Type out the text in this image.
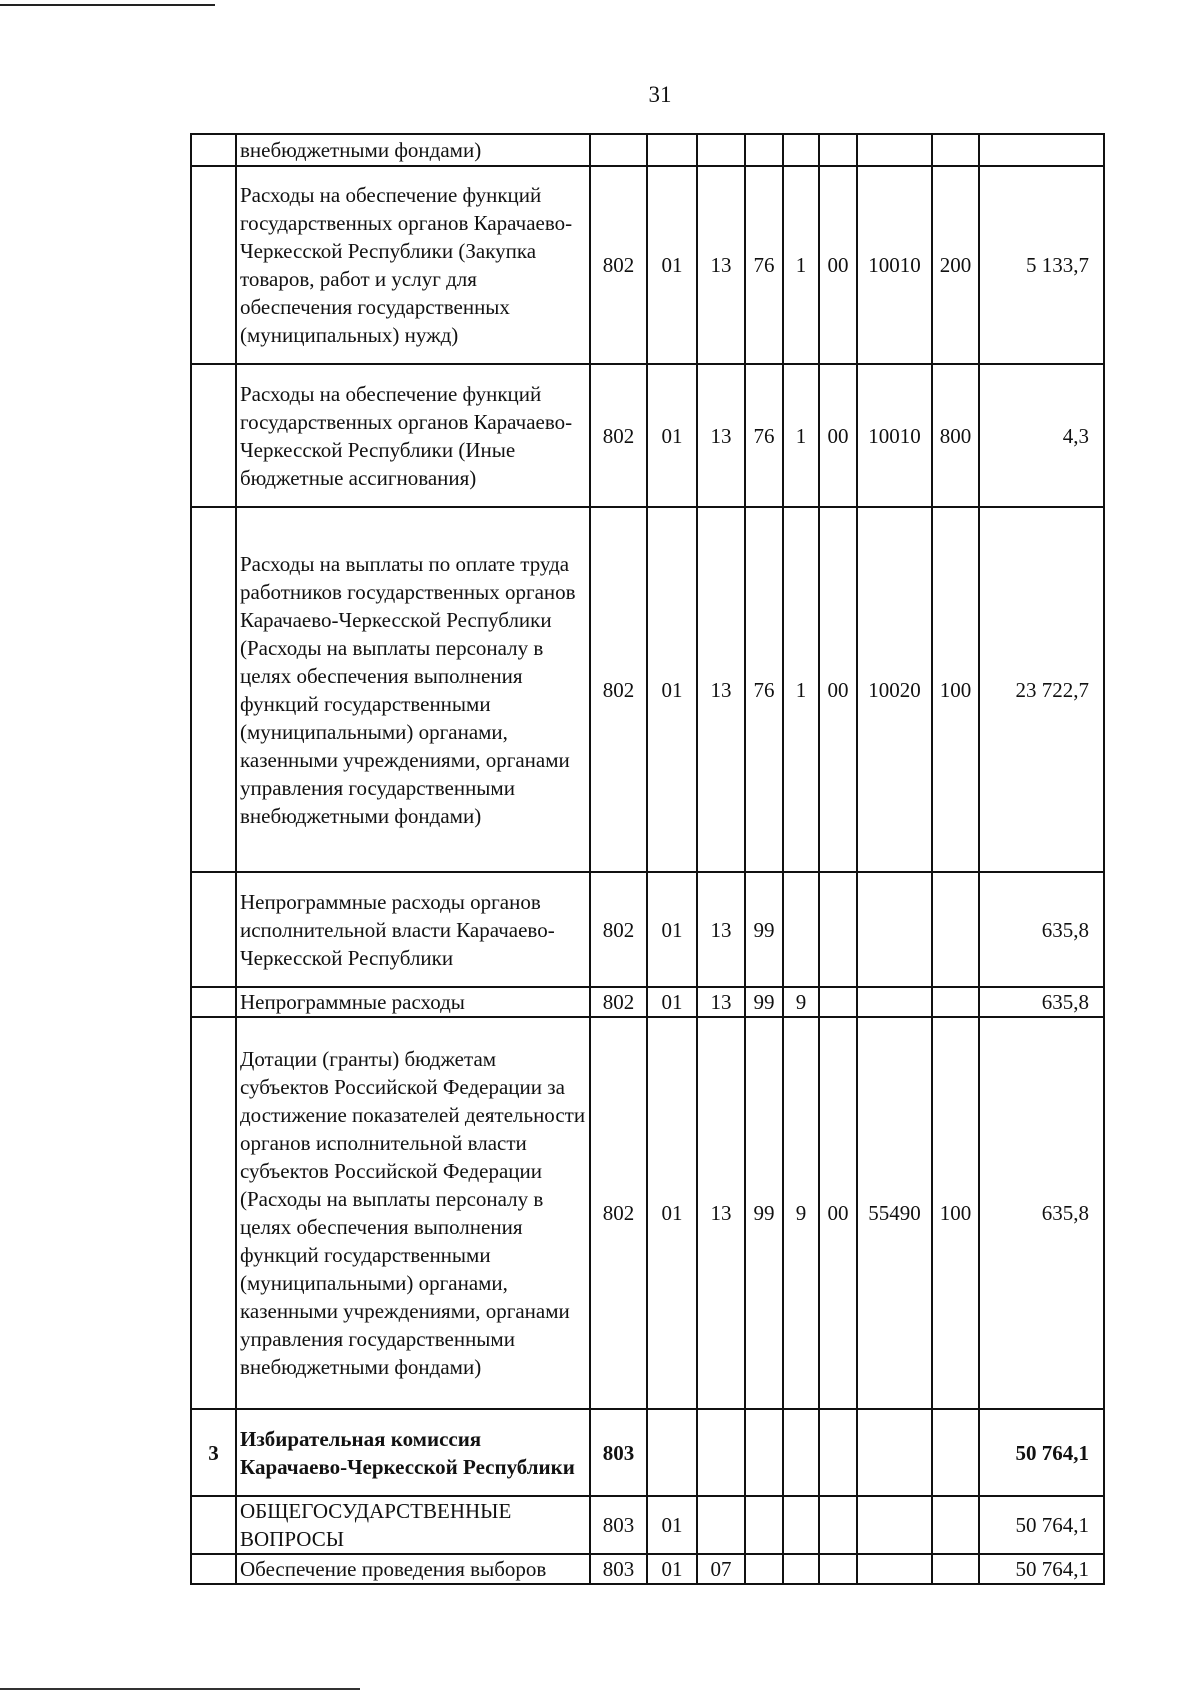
31
	внебюджетными фондами)									
	Расходы на обеспечение функций государственных органов Карачаево-Черкесской Республики (Закупка товаров, работ и услуг для обеспечения государственных (муниципальных) нужд)	802	01	13	76	1	00	10010	200	5 133,7
	Расходы на обеспечение функций государственных органов Карачаево-Черкесской Республики (Иные бюджетные ассигнования)	802	01	13	76	1	00	10010	800	4,3
	Расходы на выплаты по оплате труда работников государственных органов Карачаево-Черкесской Республики (Расходы на выплаты персоналу в целях обеспечения выполнения функций государственными (муниципальными) органами, казенными учреждениями, органами управления государственными внебюджетными фондами)	802	01	13	76	1	00	10020	100	23 722,7
	Непрограммные расходы органов исполнительной власти Карачаево-Черкесской Республики	802	01	13	99					635,8
	Непрограммные расходы	802	01	13	99	9				635,8
	Дотации (гранты) бюджетам субъектов Российской Федерации за достижение показателей деятельности органов исполнительной власти субъектов Российской Федерации (Расходы на выплаты персоналу в целях обеспечения выполнения функций государственными (муниципальными) органами, казенными учреждениями, органами управления государственными внебюджетными фондами)	802	01	13	99	9	00	55490	100	635,8
3	Избирательная комиссия Карачаево-Черкесской Республики	803								50 764,1
	ОБЩЕГОСУДАРСТВЕННЫЕ ВОПРОСЫ	803	01							50 764,1
	Обеспечение проведения выборов	803	01	07						50 764,1
